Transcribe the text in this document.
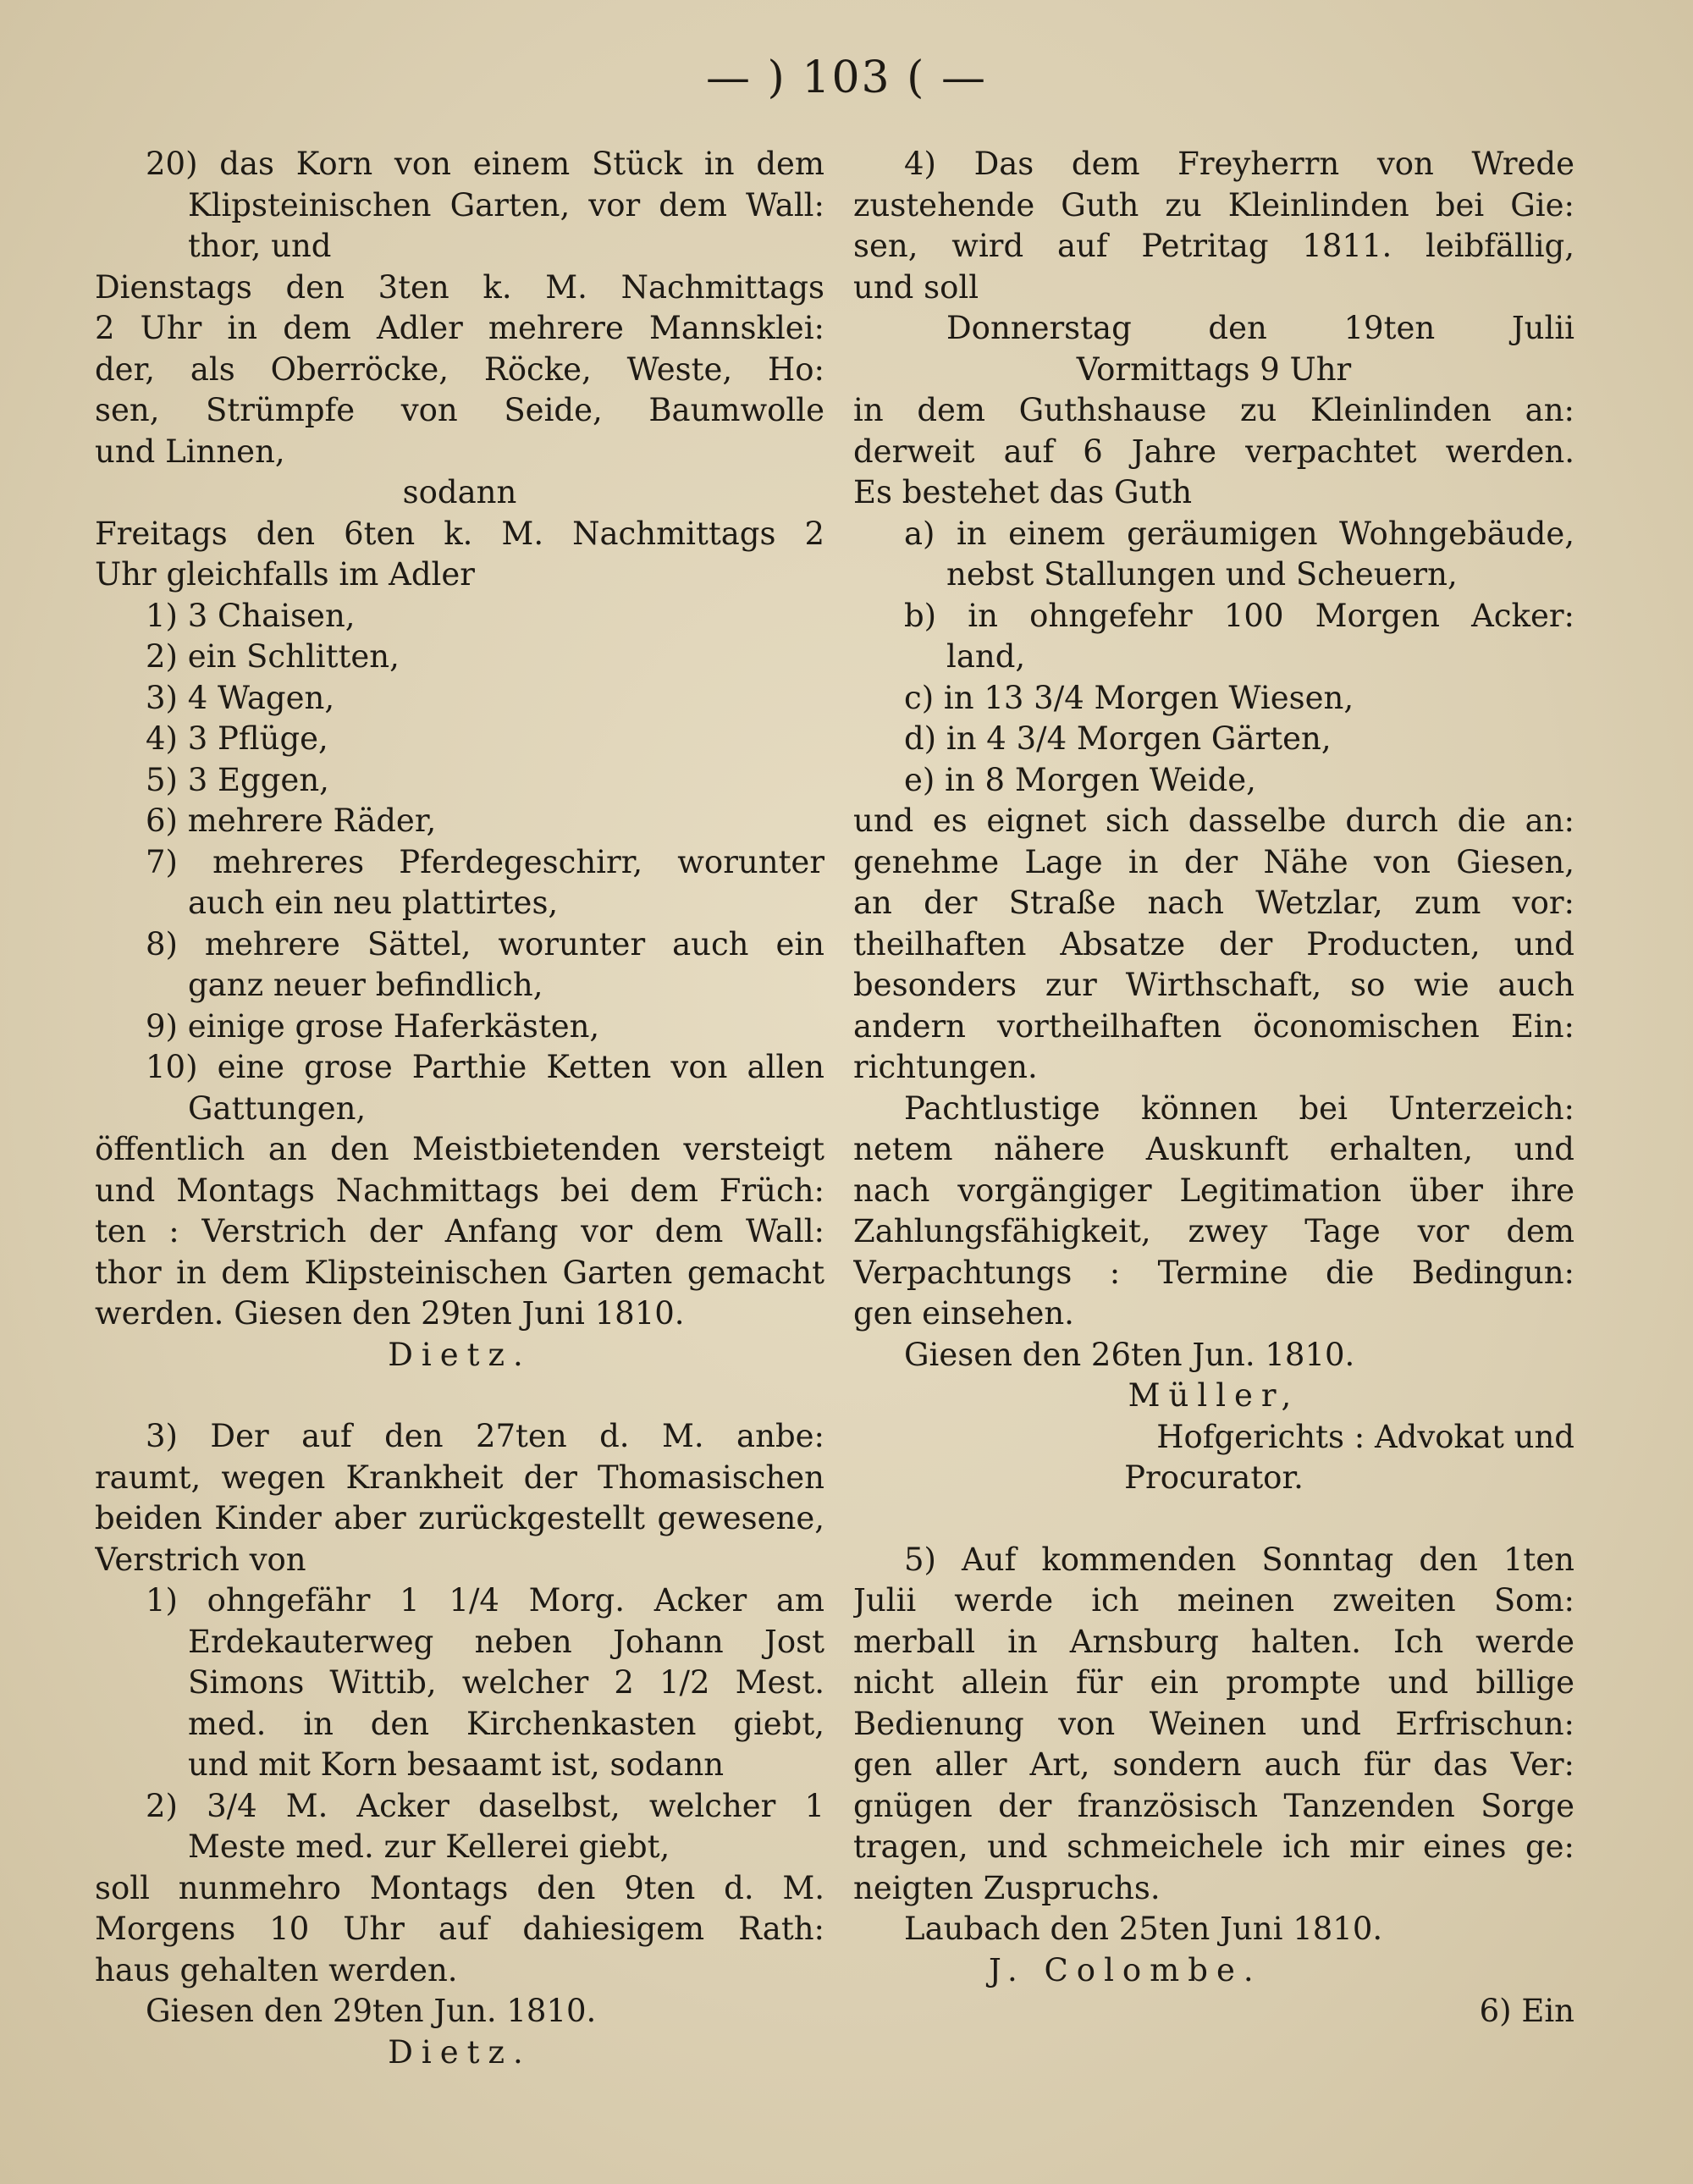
— ) 103 ( —
20) das Korn von einem Stück in dem
Klipsteinischen Garten, vor dem Wall:
thor, und
Dienstags den 3ten k. M. Nachmittags
2 Uhr in dem Adler mehrere Mannsklei:
der, als Oberröcke, Röcke, Weste, Ho:
sen, Strümpfe von Seide, Baumwolle
und Linnen,
sodann
Freitags den 6ten k. M. Nachmittags 2
Uhr gleichfalls im Adler
1) 3 Chaisen,
2) ein Schlitten,
3) 4 Wagen,
4) 3 Pflüge,
5) 3 Eggen,
6) mehrere Räder,
7) mehreres Pferdegeschirr, worunter
auch ein neu plattirtes,
8) mehrere Sättel, worunter auch ein
ganz neuer befindlich,
9) einige grose Haferkästen,
10) eine grose Parthie Ketten von allen
Gattungen,
öffentlich an den Meistbietenden versteigt
und Montags Nachmittags bei dem Früch:
ten : Verstrich der Anfang vor dem Wall:
thor in dem Klipsteinischen Garten gemacht
werden. Giesen den 29ten Juni 1810.
Dietz.
3) Der auf den 27ten d. M. anbe:
raumt, wegen Krankheit der Thomasischen
beiden Kinder aber zurückgestellt gewesene,
Verstrich von
1) ohngefähr 1 1/4 Morg. Acker am
Erdekauterweg neben Johann Jost
Simons Wittib, welcher 2 1/2 Mest.
med. in den Kirchenkasten giebt,
und mit Korn besaamt ist, sodann
2) 3/4 M. Acker daselbst, welcher 1
Meste med. zur Kellerei giebt,
soll nunmehro Montags den 9ten d. M.
Morgens 10 Uhr auf dahiesigem Rath:
haus gehalten werden.
Giesen den 29ten Jun. 1810.
Dietz.
4) Das dem Freyherrn von Wrede
zustehende Guth zu Kleinlinden bei Gie:
sen, wird auf Petritag 1811. leibfällig,
und soll
Donnerstag den 19ten Julii
Vormittags 9 Uhr
in dem Guthshause zu Kleinlinden an:
derweit auf 6 Jahre verpachtet werden.
Es bestehet das Guth
a) in einem geräumigen Wohngebäude,
nebst Stallungen und Scheuern,
b) in ohngefehr 100 Morgen Acker:
land,
c) in 13 3/4 Morgen Wiesen,
d) in 4 3/4 Morgen Gärten,
e) in 8 Morgen Weide,
und es eignet sich dasselbe durch die an:
genehme Lage in der Nähe von Giesen,
an der Straße nach Wetzlar, zum vor:
theilhaften Absatze der Producten, und
besonders zur Wirthschaft, so wie auch
andern vortheilhaften öconomischen Ein:
richtungen.
Pachtlustige können bei Unterzeich:
netem nähere Auskunft erhalten, und
nach vorgängiger Legitimation über ihre
Zahlungsfähigkeit, zwey Tage vor dem
Verpachtungs : Termine die Bedingun:
gen einsehen.
Giesen den 26ten Jun. 1810.
Müller,
Hofgerichts : Advokat und
Procurator.
5) Auf kommenden Sonntag den 1ten
Julii werde ich meinen zweiten Som:
merball in Arnsburg halten. Ich werde
nicht allein für ein prompte und billige
Bedienung von Weinen und Erfrischun:
gen aller Art, sondern auch für das Ver:
gnügen der französisch Tanzenden Sorge
tragen, und schmeichele ich mir eines ge:
neigten Zuspruchs.
Laubach den 25ten Juni 1810.
J. Colombe.
6) Ein
